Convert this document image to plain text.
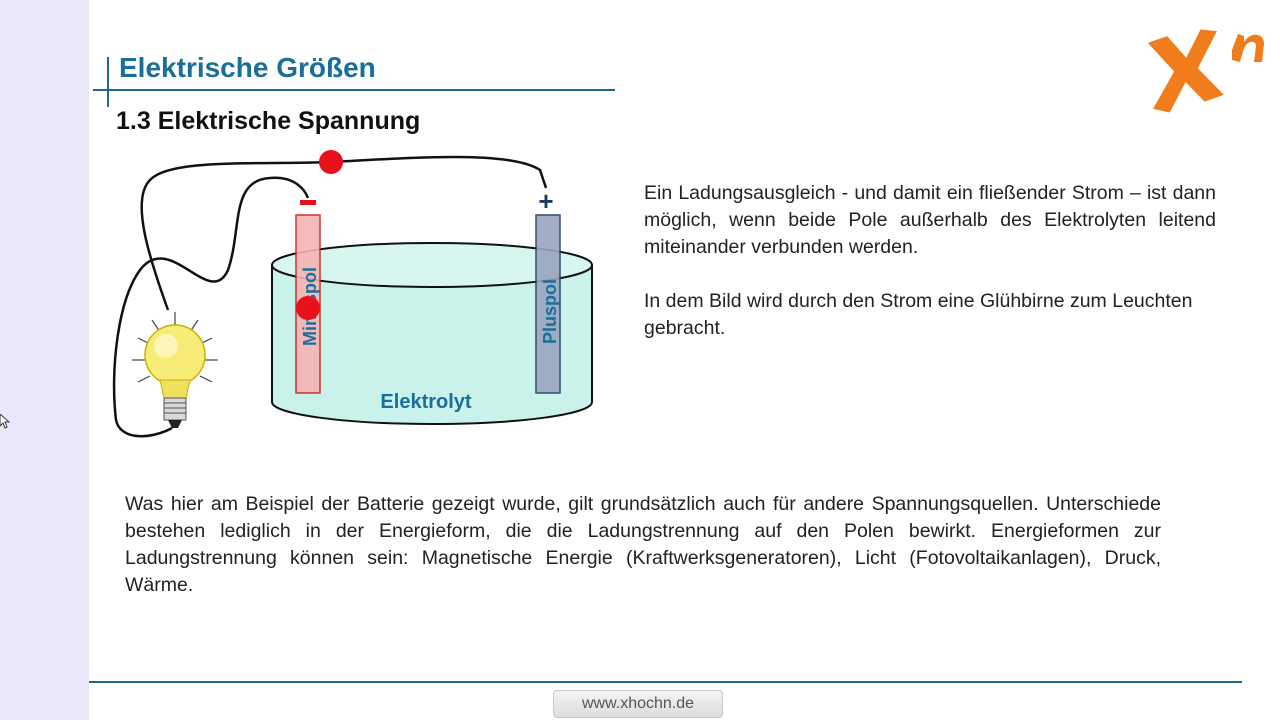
Elektrische Größen
1.3 Elektrische Spannung
Pluspol
+
Elektrolyt
Ein Ladungsausgleich - und damit ein fließender Strom – ist dann möglich, wenn beide Pole außerhalb des Elektrolyten leitend miteinander verbunden werden.
In dem Bild wird durch den Strom eine Glühbirne zum Leuchten gebracht.
Was hier am Beispiel der Batterie gezeigt wurde, gilt grundsätzlich auch für andere Spannungsquellen. Unterschiede bestehen lediglich in der Energieform, die die Ladungstrennung auf den Polen bewirkt. Energieformen zur Ladungstrennung können sein: Magnetische Energie (Kraftwerksgeneratoren), Licht (Fotovoltaikanlagen), Druck, Wärme.
www.xhochn.de
